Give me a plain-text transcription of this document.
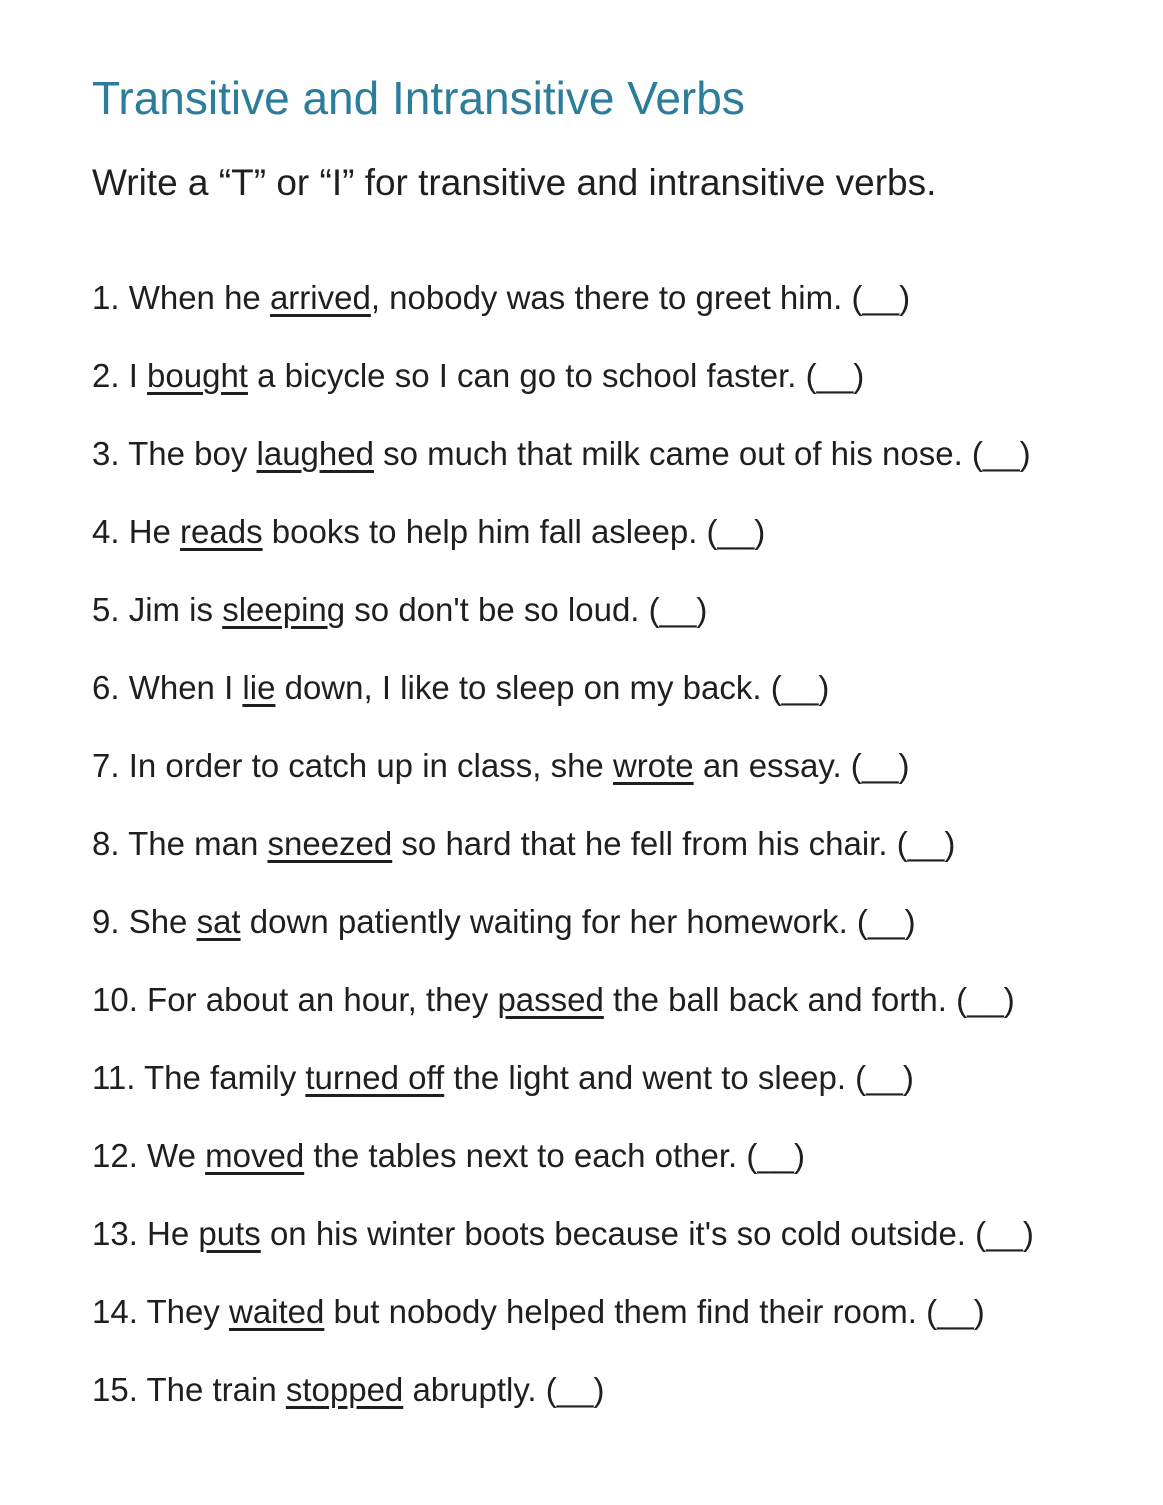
Transitive and Intransitive Verbs

Write a “T” or “I” for transitive and intransitive verbs.

1. When he arrived, nobody was there to greet him. (__)
2. I bought a bicycle so I can go to school faster. (__)
3. The boy laughed so much that milk came out of his nose. (__)
4. He reads books to help him fall asleep. (__)
5. Jim is sleeping so don't be so loud. (__)
6. When I lie down, I like to sleep on my back. (__)
7. In order to catch up in class, she wrote an essay. (__)
8. The man sneezed so hard that he fell from his chair. (__)
9. She sat down patiently waiting for her homework. (__)
10. For about an hour, they passed the ball back and forth. (__)
11. The family turned off the light and went to sleep. (__)
12. We moved the tables next to each other. (__)
13. He puts on his winter boots because it's so cold outside. (__)
14. They waited but nobody helped them find their room. (__)
15. The train stopped abruptly. (__)
